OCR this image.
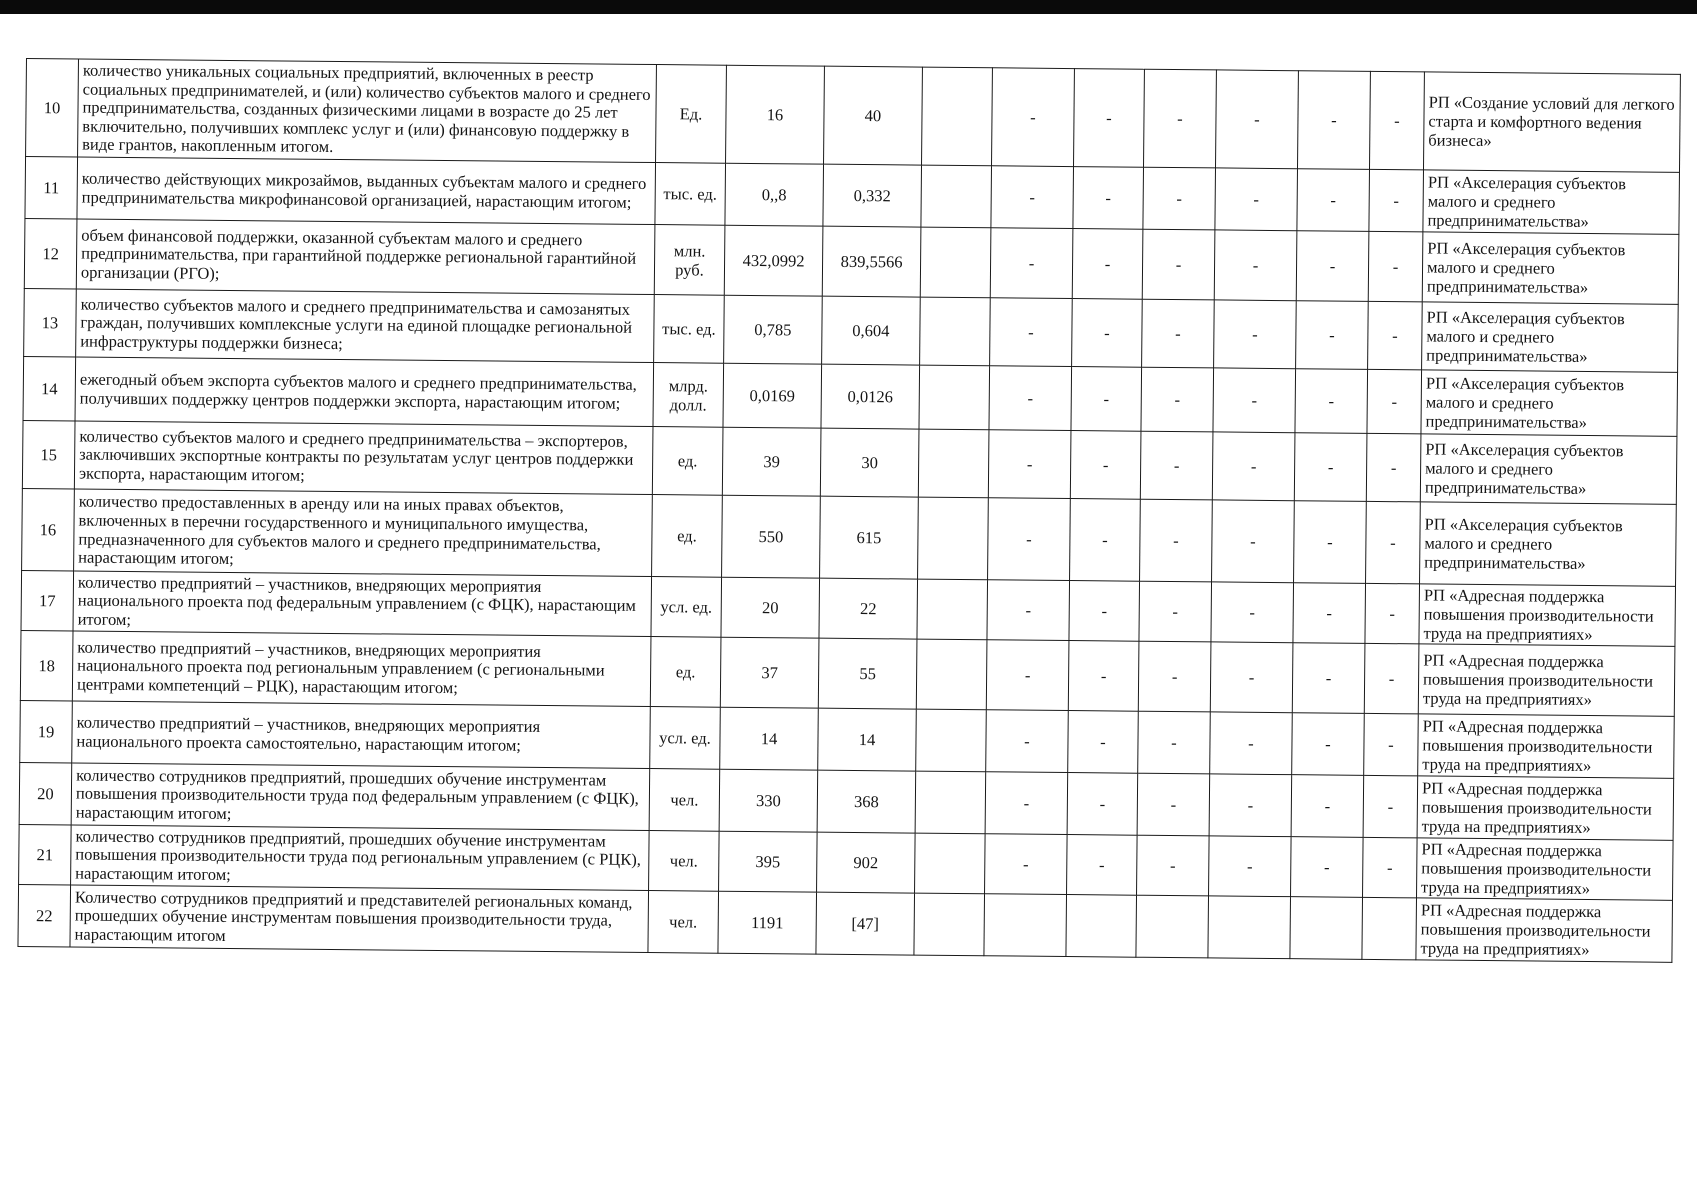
10	количество уникальных социальных предприятий, включенных в реестр социальных предпринимателей, и (или) количество субъектов малого и среднего предпринимательства, созданных физическими лицами в возрасте до 25 лет включительно, получивших комплекс услуг и (или) финансовую поддержку в виде грантов, накопленным итогом.	Ед.	16	40		-	-	-	-	-	-	РП «Создание условий для легкого старта и комфортного ведения бизнеса»
11	количество действующих микрозаймов, выданных субъектам малого и среднего предпринимательства микрофинансовой организацией, нарастающим итогом;	тыс. ед.	0,,8	0,332		-	-	-	-	-	-	РП «Акселерация субъектов малого и среднего предпринимательства»
12	объем финансовой поддержки, оказанной субъектам малого и среднего предпринимательства, при гарантийной поддержке региональной гарантийной организации (РГО);	млн. руб.	432,0992	839,5566		-	-	-	-	-	-	РП «Акселерация субъектов малого и среднего предпринимательства»
13	количество субъектов малого и среднего предпринимательства и самозанятых граждан, получивших комплексные услуги на единой площадке региональной инфраструктуры поддержки бизнеса;	тыс. ед.	0,785	0,604		-	-	-	-	-	-	РП «Акселерация субъектов малого и среднего предпринимательства»
14	ежегодный объем экспорта субъектов малого и среднего предпринимательства, получивших поддержку центров поддержки экспорта, нарастающим итогом;	млрд. долл.	0,0169	0,0126		-	-	-	-	-	-	РП «Акселерация субъектов малого и среднего предпринимательства»
15	количество субъектов малого и среднего предпринимательства – экспортеров, заключивших экспортные контракты по результатам услуг центров поддержки экспорта, нарастающим итогом;	ед.	39	30		-	-	-	-	-	-	РП «Акселерация субъектов малого и среднего предпринимательства»
16	количество предоставленных в аренду или на иных правах объектов, включенных в перечни государственного и муниципального имущества, предназначенного для субъектов малого и среднего предпринимательства, нарастающим итогом;	ед.	550	615		-	-	-	-	-	-	РП «Акселерация субъектов малого и среднего предпринимательства»
17	количество предприятий – участников, внедряющих мероприятия национального проекта под федеральным управлением (с ФЦК), нарастающим итогом;	усл. ед.	20	22		-	-	-	-	-	-	РП «Адресная поддержка повышения производительности труда на предприятиях»
18	количество предприятий – участников, внедряющих мероприятия национального проекта под региональным управлением (с региональными центрами компетенций – РЦК), нарастающим итогом;	ед.	37	55		-	-	-	-	-	-	РП «Адресная поддержка повышения производительности труда на предприятиях»
19	количество предприятий – участников, внедряющих мероприятия национального проекта самостоятельно, нарастающим итогом;	усл. ед.	14	14		-	-	-	-	-	-	РП «Адресная поддержка повышения производительности труда на предприятиях»
20	количество сотрудников предприятий, прошедших обучение инструментам повышения производительности труда под федеральным управлением (с ФЦК), нарастающим итогом;	чел.	330	368		-	-	-	-	-	-	РП «Адресная поддержка повышения производительности труда на предприятиях»
21	количество сотрудников предприятий, прошедших обучение инструментам повышения производительности труда под региональным управлением (с РЦК), нарастающим итогом;	чел.	395	902		-	-	-	-	-	-	РП «Адресная поддержка повышения производительности труда на предприятиях»
22	Количество сотрудников предприятий и представителей региональных команд, прошедших обучение инструментам повышения производительности труда, нарастающим итогом	чел.	1191	[47]								РП «Адресная поддержка повышения производительности труда на предприятиях»
